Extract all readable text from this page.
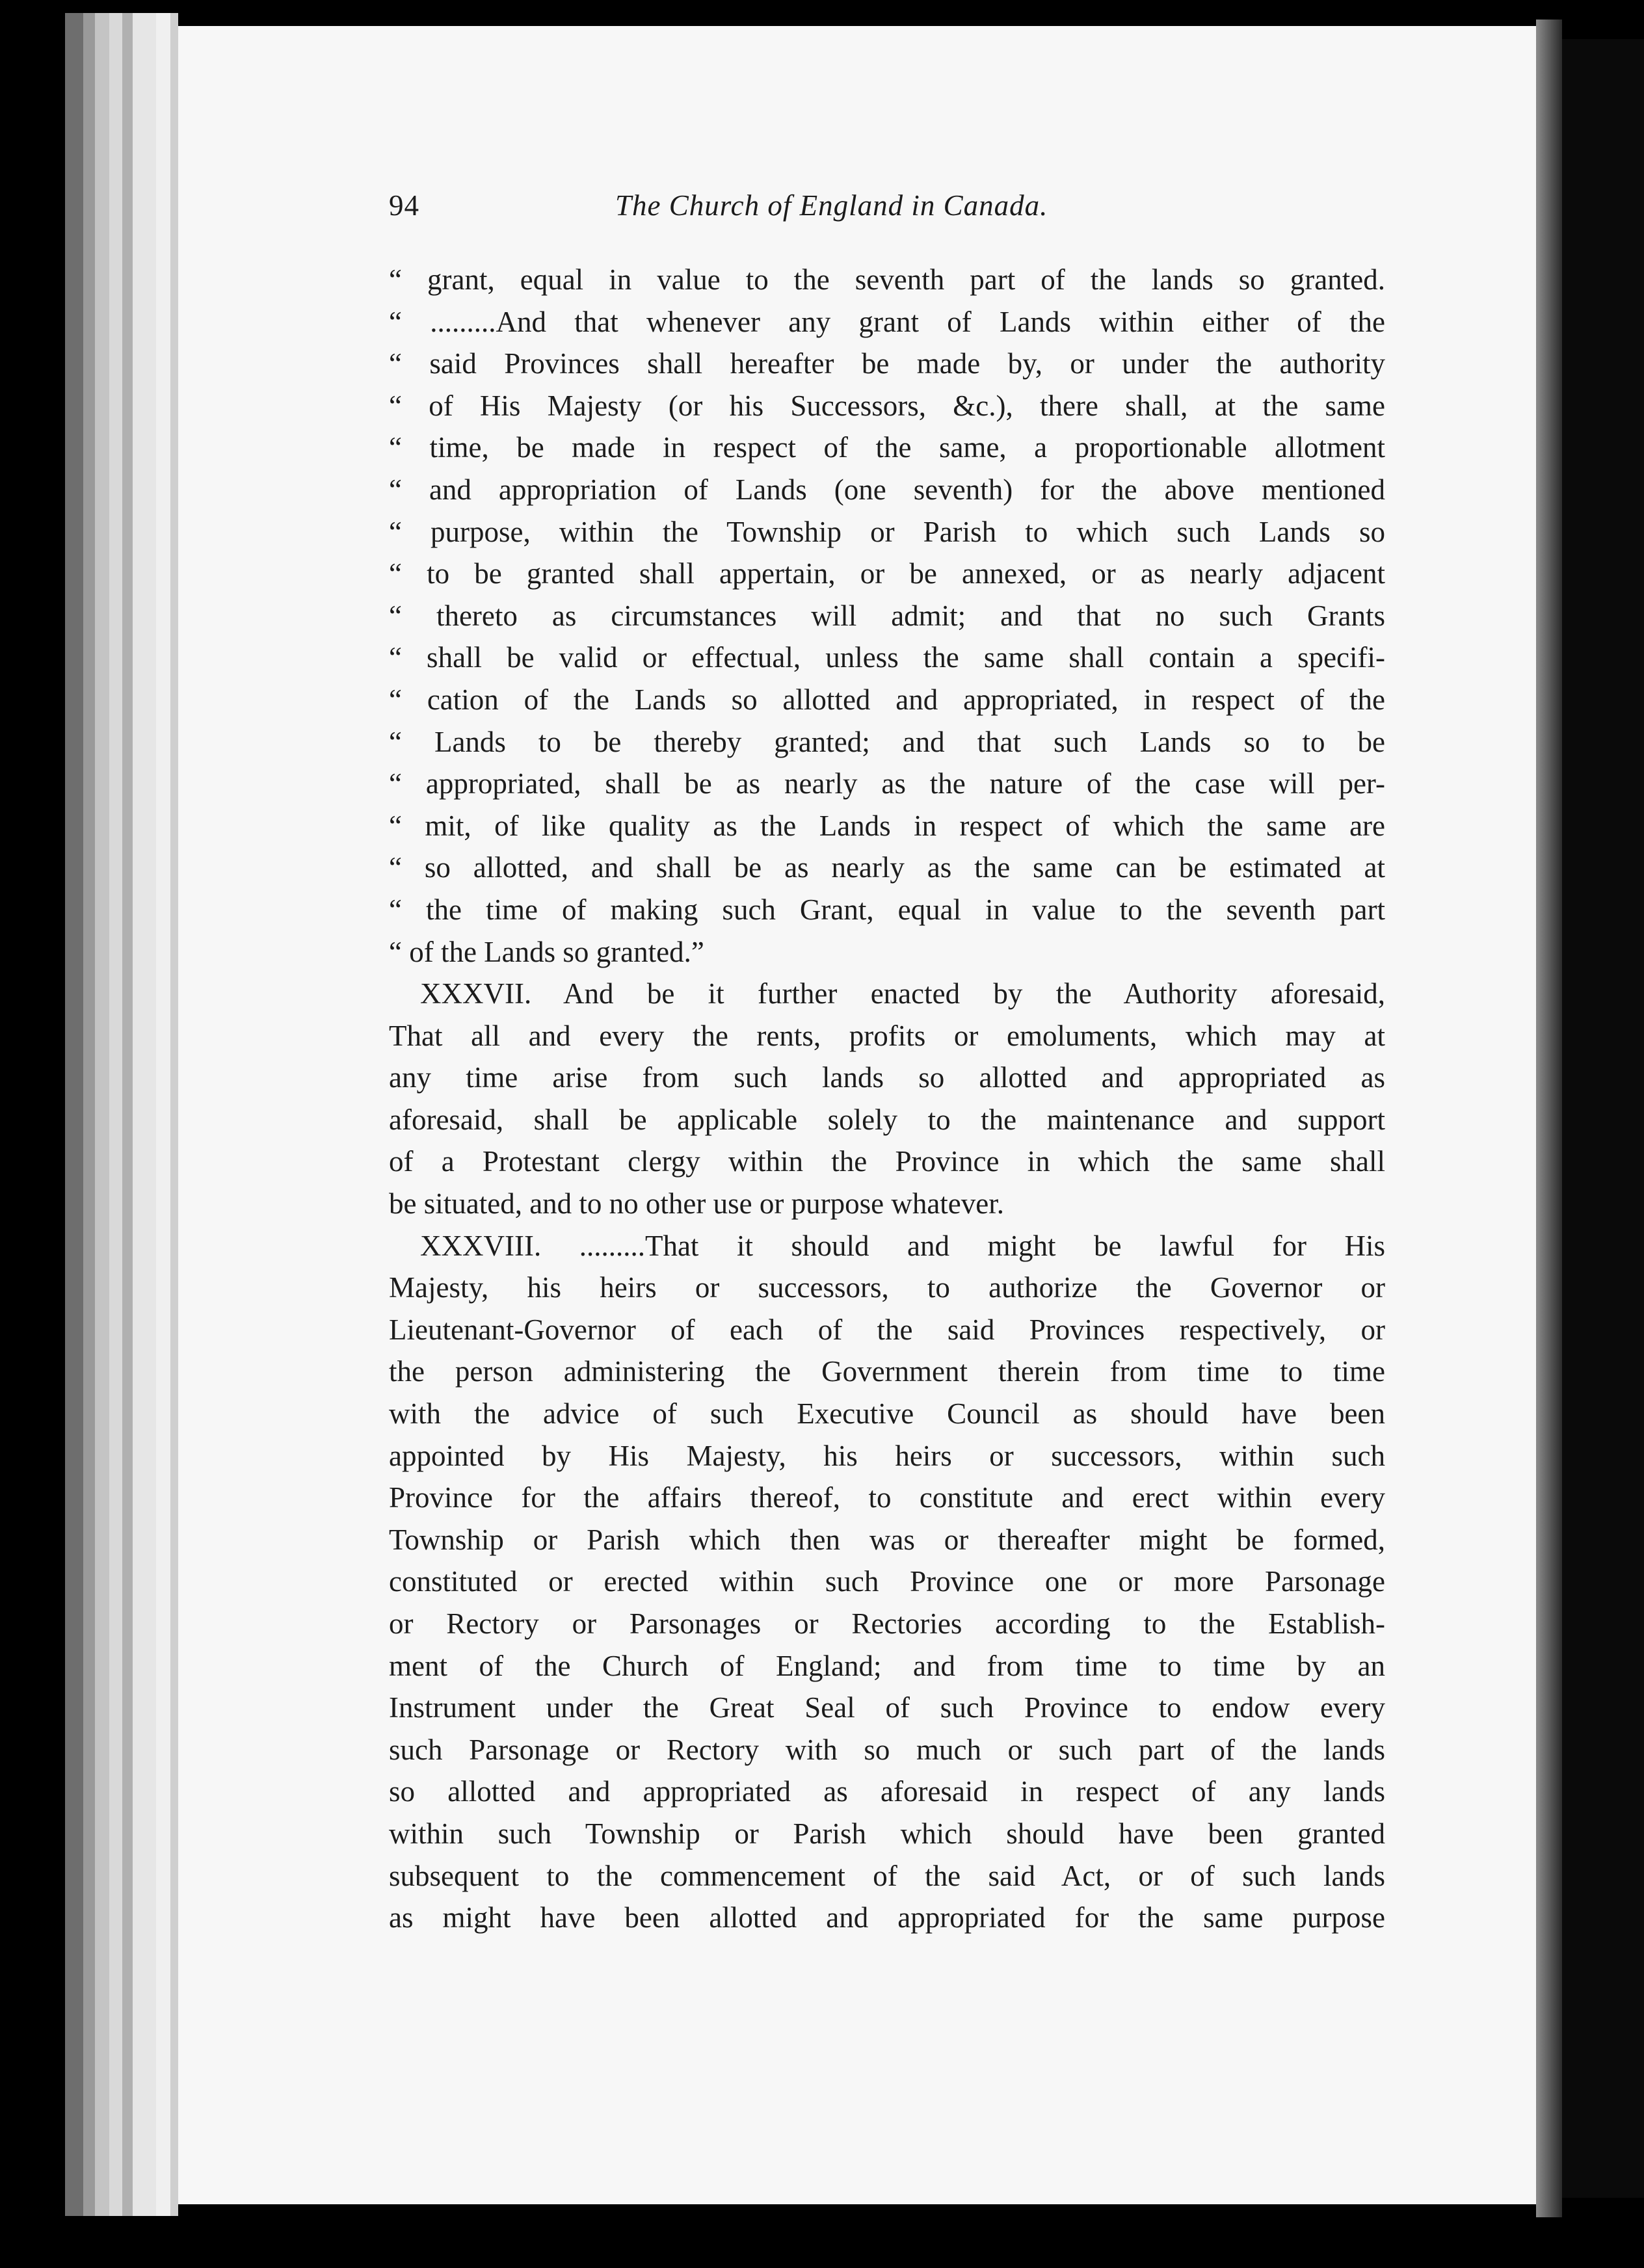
94	The Church of England in Canada.
“ grant, equal in value to the seventh part of the lands so granted.
“ .........And that whenever any grant of Lands within either of the
“ said Provinces shall hereafter be made by, or under the authority
“ of His Majesty (or his Successors, &c.), there shall, at the same
“ time, be made in respect of the same, a proportionable allotment
“ and appropriation of Lands (one seventh) for the above mentioned
“ purpose, within the Township or Parish to which such Lands so
“ to be granted shall appertain, or be annexed, or as nearly adjacent
“ thereto as circumstances will admit; and that no such Grants
“ shall be valid or effectual, unless the same shall contain a specifi-
“ cation of the Lands so allotted and appropriated, in respect of the
“ Lands to be thereby granted; and that such Lands so to be
“ appropriated, shall be as nearly as the nature of the case will per-
“ mit, of like quality as the Lands in respect of which the same are
“ so allotted, and shall be as nearly as the same can be estimated at
“ the time of making such Grant, equal in value to the seventh part
“ of the Lands so granted.”
XXXVII. And be it further enacted by the Authority aforesaid,
That all and every the rents, profits or emoluments, which may at
any time arise from such lands so allotted and appropriated as
aforesaid, shall be applicable solely to the maintenance and support
of a Protestant clergy within the Province in which the same shall
be situated, and to no other use or purpose whatever.
XXXVIII. .........That it should and might be lawful for His
Majesty, his heirs or successors, to authorize the Governor or
Lieutenant-Governor of each of the said Provinces respectively, or
the person administering the Government therein from time to time
with the advice of such Executive Council as should have been
appointed by His Majesty, his heirs or successors, within such
Province for the affairs thereof, to constitute and erect within every
Township or Parish which then was or thereafter might be formed,
constituted or erected within such Province one or more Parsonage
or Rectory or Parsonages or Rectories according to the Establish-
ment of the Church of England; and from time to time by an
Instrument under the Great Seal of such Province to endow every
such Parsonage or Rectory with so much or such part of the lands
so allotted and appropriated as aforesaid in respect of any lands
within such Township or Parish which should have been granted
subsequent to the commencement of the said Act, or of such lands
as might have been allotted and appropriated for the same purpose
